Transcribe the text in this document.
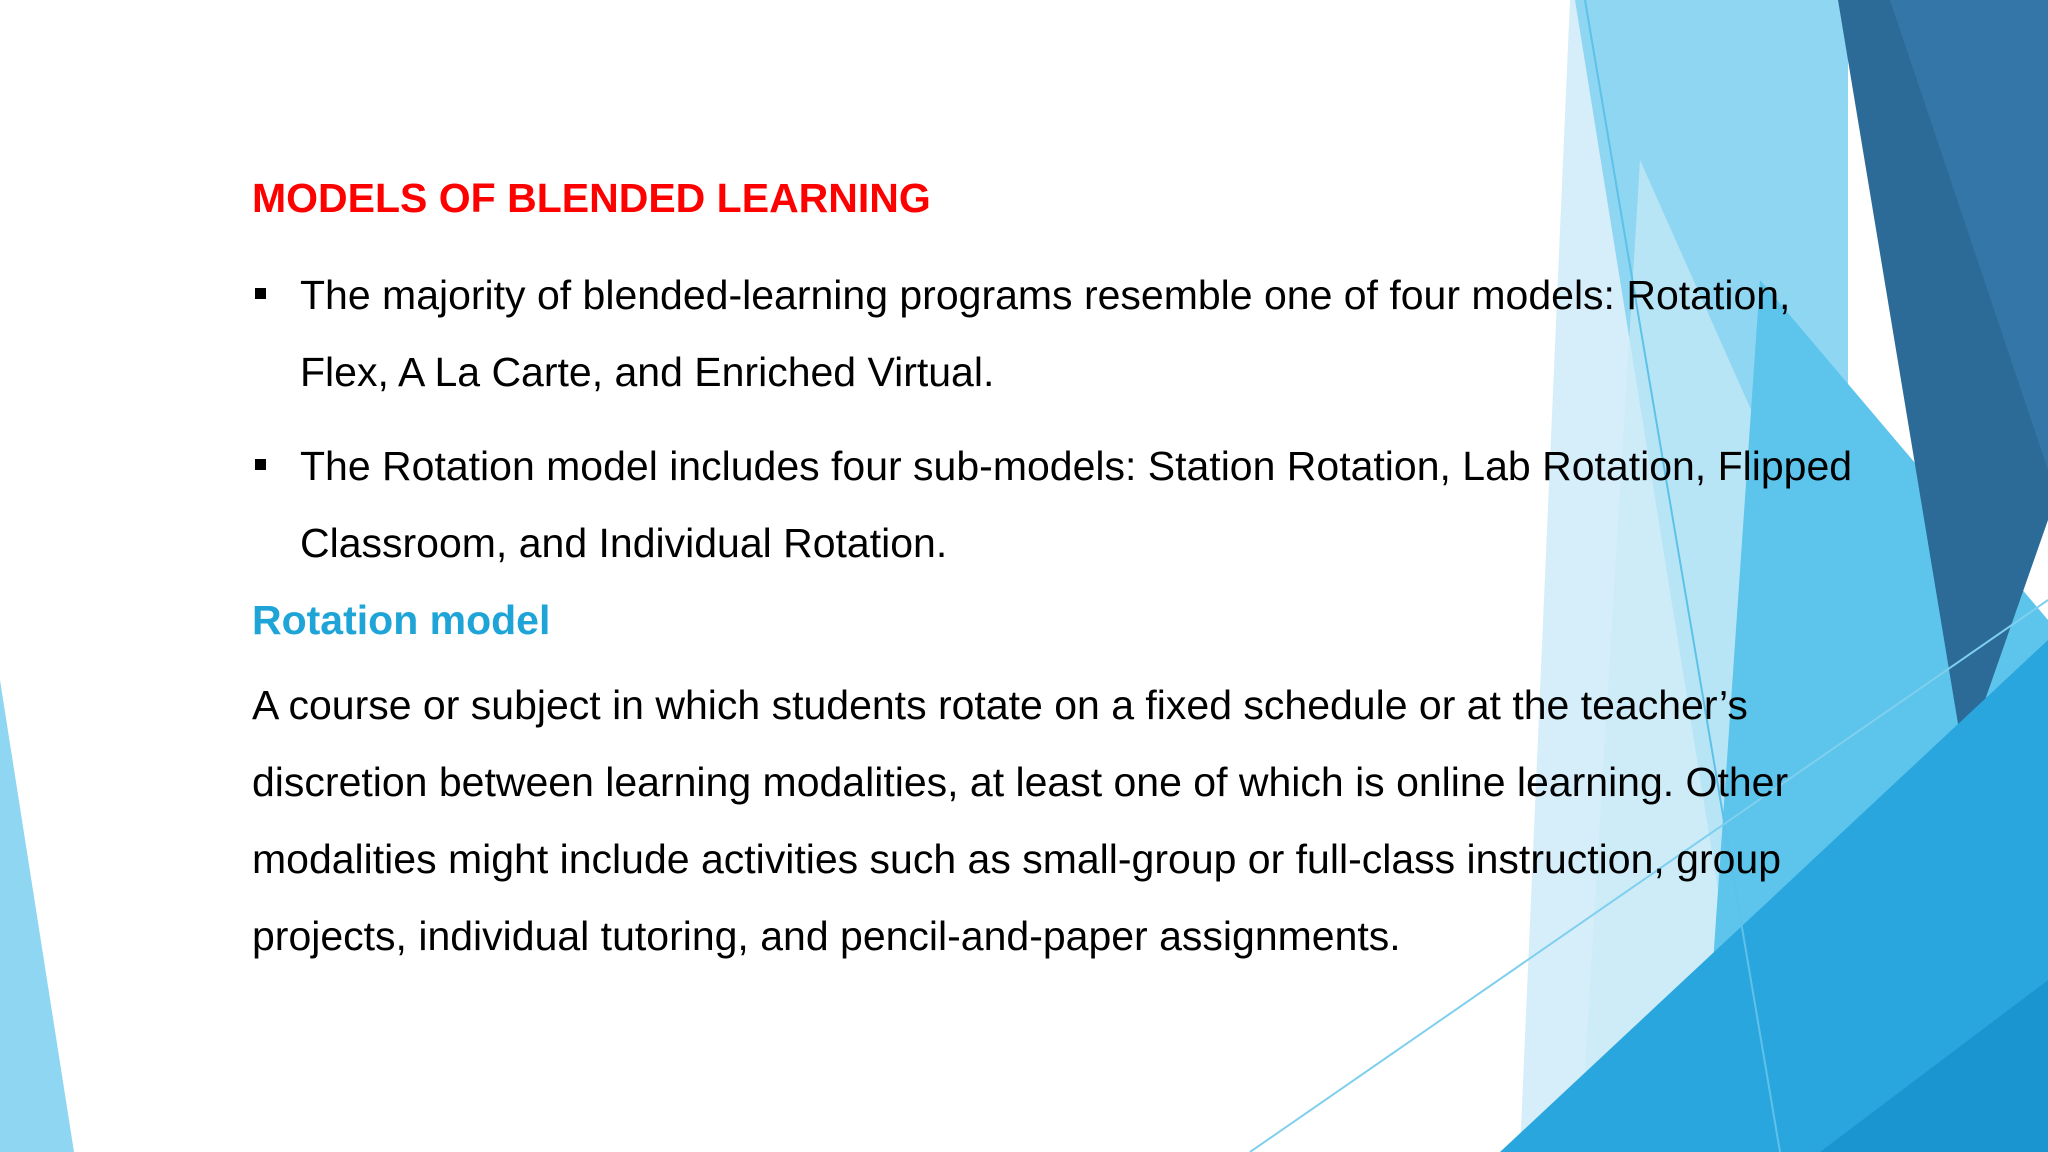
MODELS OF BLENDED LEARNING
The majority of blended-learning programs resemble one of four models: Rotation, Flex, A La Carte, and Enriched Virtual.
The Rotation model includes four sub-models: Station Rotation, Lab Rotation, Flipped Classroom, and Individual Rotation.
Rotation model

A course or subject in which students rotate on a fixed schedule or at the teacher’s discretion between learning modalities, at least one of which is online learning. Other modalities might include activities such as small-group or full-class instruction, group projects, individual tutoring, and pencil-and-paper assignments.
